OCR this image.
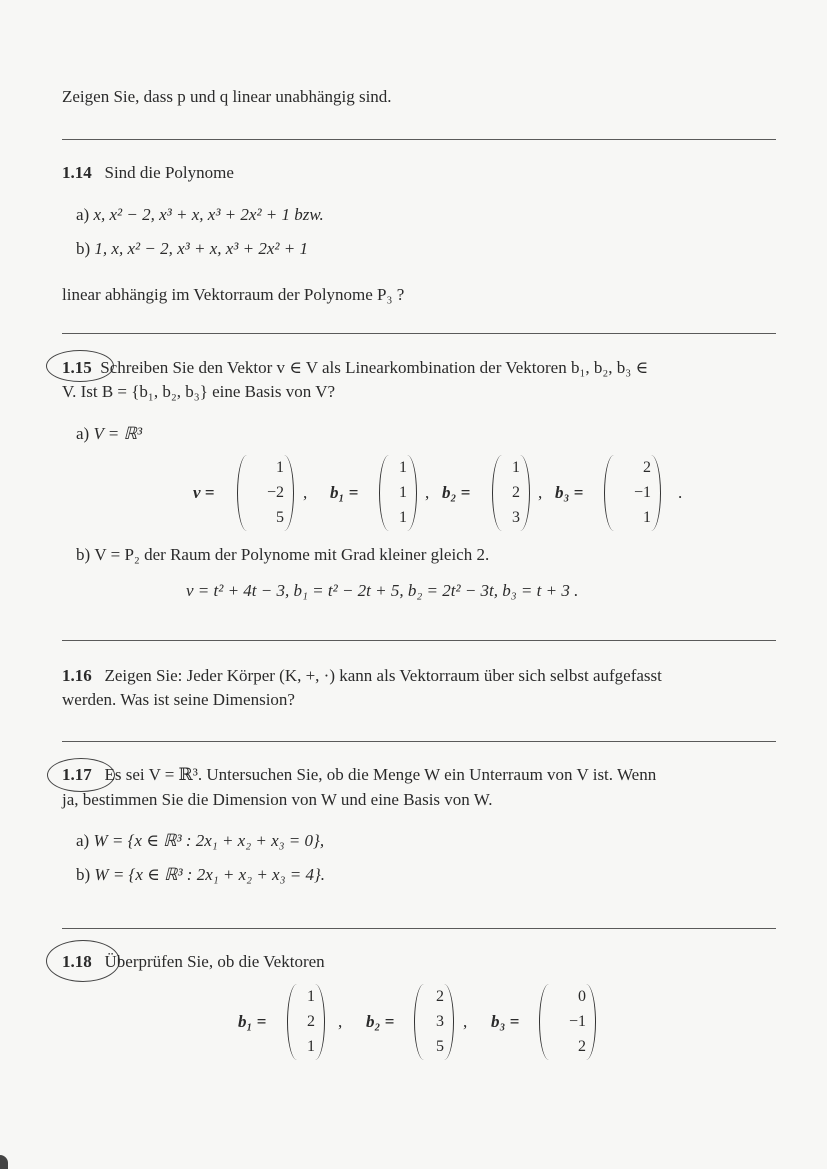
Zeigen Sie, dass p und q linear unabhängig sind.
1.14 Sind die Polynome
a) x, x² − 2, x³ + x, x³ + 2x² + 1 bzw.
b) 1, x, x² − 2, x³ + x, x³ + 2x² + 1
linear abhängig im Vektorraum der Polynome P₃ ?
1.15 Schreiben Sie den Vektor v ∈ V als Linearkombination der Vektoren b₁, b₂, b₃ ∈
V. Ist B = {b₁, b₂, b₃} eine Basis von V?
a) V = ℝ³
v =
1
−2
5
, b₁ =
1
1
1
, b₂ =
1
2
3
, b₃ =
2
−1
1
.
b) V = P₂ der Raum der Polynome mit Grad kleiner gleich 2.
v = t² + 4t − 3, b₁ = t² − 2t + 5, b₂ = 2t² − 3t, b₃ = t + 3 .
1.16 Zeigen Sie: Jeder Körper (K, +, ·) kann als Vektorraum über sich selbst aufgefasst
werden. Was ist seine Dimension?
1.17 Es sei V = ℝ³. Untersuchen Sie, ob die Menge W ein Unterraum von V ist. Wenn
ja, bestimmen Sie die Dimension von W und eine Basis von W.
a) W = {x ∈ ℝ³ : 2x₁ + x₂ + x₃ = 0},
b) W = {x ∈ ℝ³ : 2x₁ + x₂ + x₃ = 4}.
1.18 Überprüfen Sie, ob die Vektoren
b₁ =
1
2
1
, b₂ =
2
3
5
, b₃ =
0
−1
2
